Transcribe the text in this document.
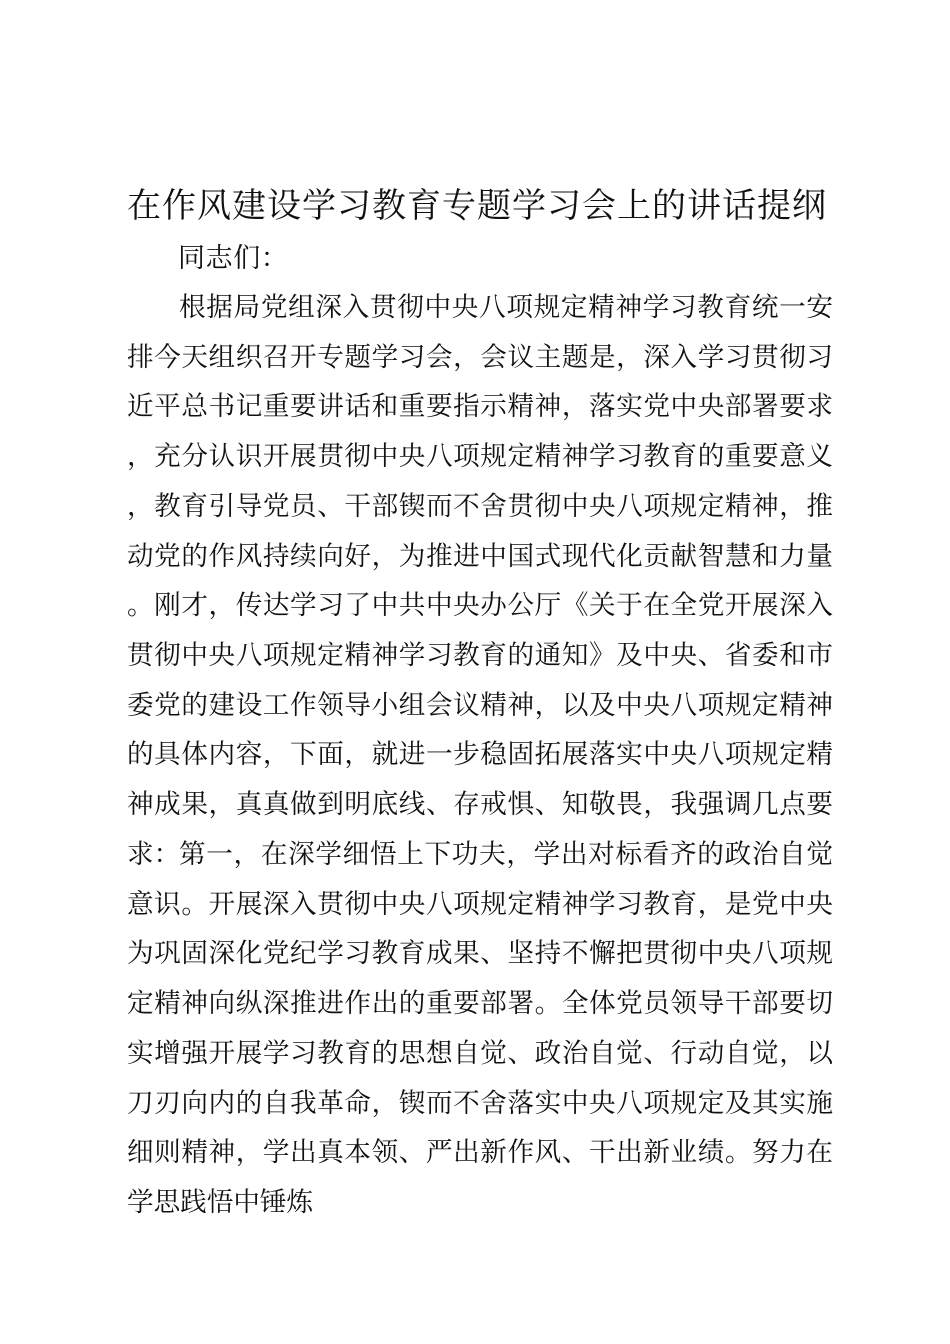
在作风建设学习教育专题学习会上的讲话提纲

同志们：

根据局党组深入贯彻中央八项规定精神学习教育统一安排今天组织召开专题学习会，会议主题是，深入学习贯彻习近平总书记重要讲话和重要指示精神，落实党中央部署要求，充分认识开展贯彻中央八项规定精神学习教育的重要意义，教育引导党员、干部锲而不舍贯彻中央八项规定精神，推动党的作风持续向好，为推进中国式现代化贡献智慧和力量。刚才，传达学习了中共中央办公厅《关于在全党开展深入贯彻中央八项规定精神学习教育的通知》及中央、省委和市委党的建设工作领导小组会议精神，以及中央八项规定精神的具体内容，下面，就进一步稳固拓展落实中央八项规定精神成果，真真做到明底线、存戒惧、知敬畏，我强调几点要求：

第一，在深学细悟上下功夫，学出对标看齐的政治自觉意识。开展深入贯彻中央八项规定精神学习教育，是党中央为巩固深化党纪学习教育成果、坚持不懈把贯彻中央八项规定精神向纵深推进作出的重要部署。全体党员领导干部要切实增强开展学习教育的思想自觉、政治自觉、行动自觉，以刀刃向内的自我革命，锲而不舍落实中央八项规定及其实施细则精神，学出真本领、严出新作风、干出新业绩。努力在学思践悟中锤炼
